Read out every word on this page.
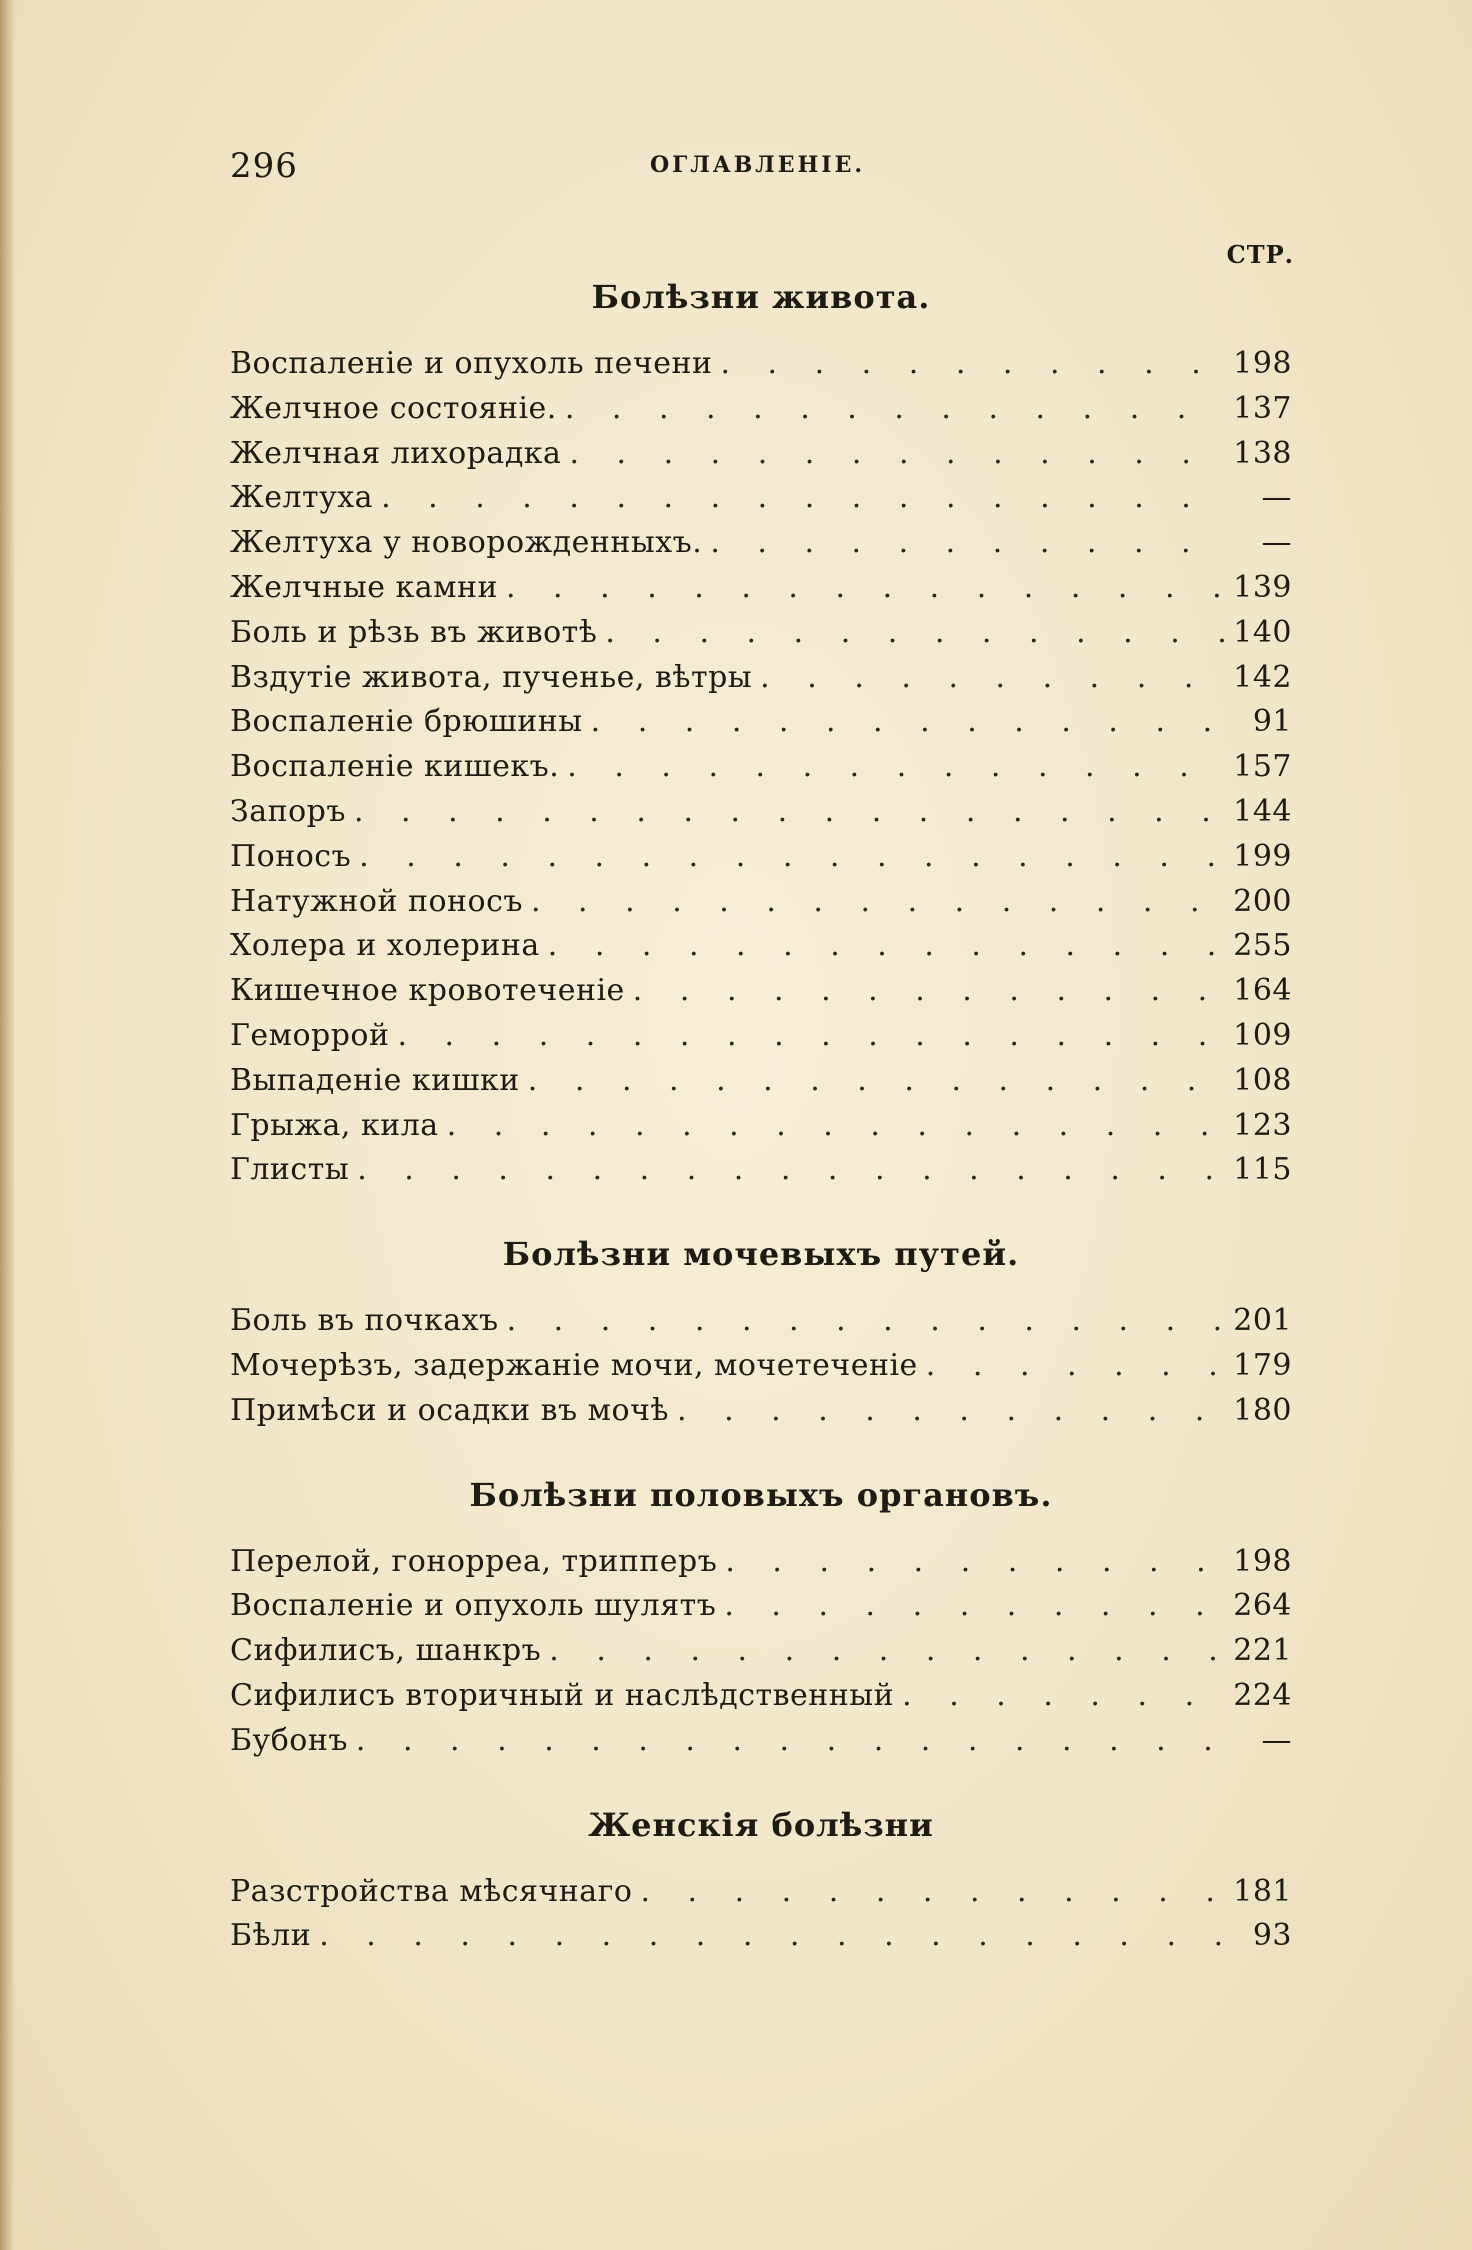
296	ОГЛАВЛЕНІЕ.
СТР.
Болѣзни живота.
Воспаленіе и опухоль печени . . .	198
Желчное состояніе. . . .	137
Желчная лихорадка . . .	138
Желтуха . . .	—
Желтуха у новорожденныхъ. . . .	—
Желчные камни . . .	139
Боль и рѣзь въ животѣ . . .	140
Вздутіе живота, пученье, вѣтры . . .	142
Воспаленіе брюшины . . .	91
Воспаленіе кишекъ. . . .	157
Запоръ . . .	144
Поносъ . . .	199
Натужной поносъ . . .	200
Холера и холерина . . .	255
Кишечное кровотеченіе . . .	164
Геморрой . . .	109
Выпаденіе кишки . . .	108
Грыжа, кила . . .	123
Глисты . . .	115
Болѣзни мочевыхъ путей.
Боль въ почкахъ . . .	201
Мочерѣзъ, задержаніе мочи, мочетеченіе . . .	179
Примѣси и осадки въ мочѣ . . .	180
Болѣзни половыхъ органовъ.
Перелой, гонорреа, трипперъ . . .	198
Воспаленіе и опухоль шулятъ . . .	264
Сифилисъ, шанкръ . . .	221
Сифилисъ вторичный и наслѣдственный . . .	224
Бубонъ . . .	—
Женскія болѣзни
Разстройства мѣсячнаго . . .	181
Бѣли . . .	93
